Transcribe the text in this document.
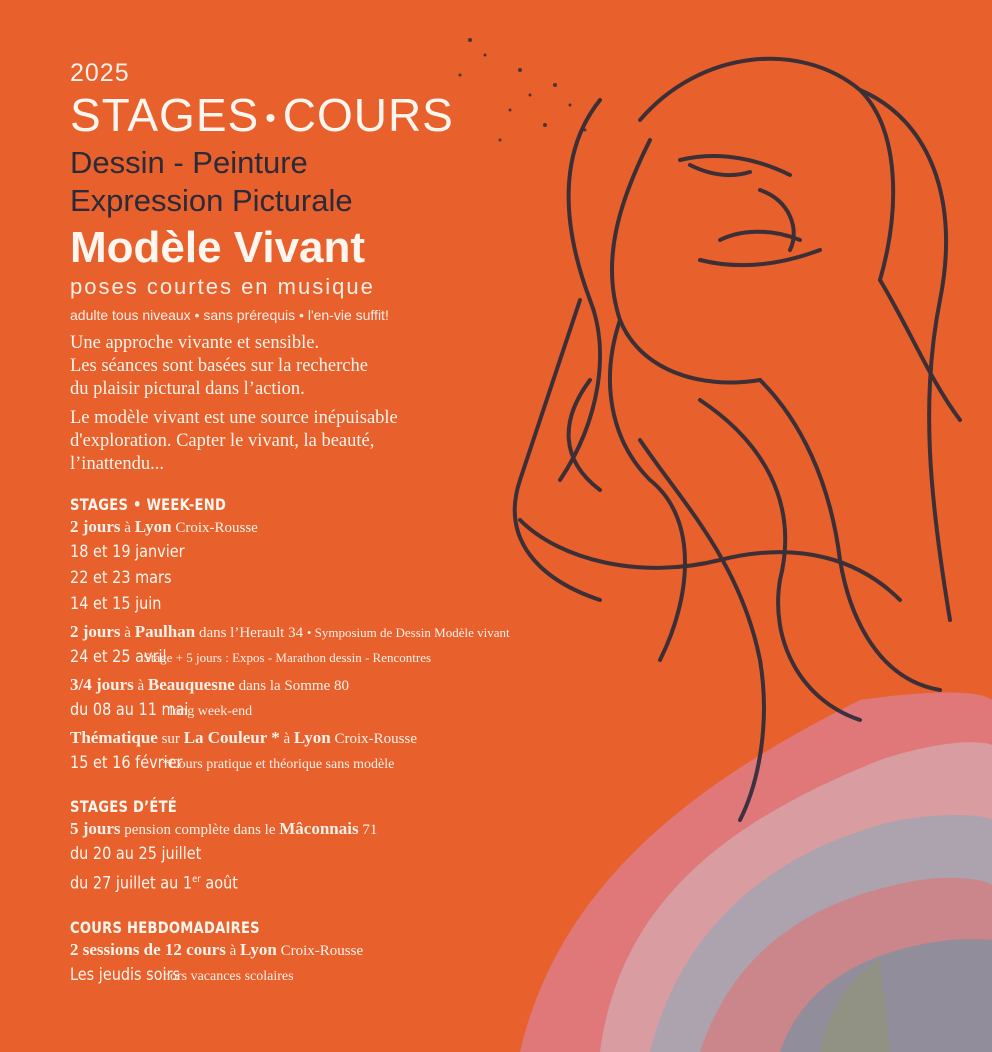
2025
STAGES • COURS
Dessin - Peinture
Expression Picturale
Modèle Vivant
poses courtes en musique
adulte tous niveaux • sans prérequis • l'en-vie suffit!

Une approche vivante et sensible.
Les séances sont basées sur la recherche
du plaisir pictural dans l’action.

Le modèle vivant est une source inépuisable
d'exploration. Capter le vivant, la beauté,
l’inattendu...

STAGES • WEEK-END
2 jours à Lyon Croix-Rousse
18 et 19 janvier
22 et 23 mars
14 et 15 juin
2 jours à Paulhan dans l’Herault 34 • Symposium de Dessin Modèle vivant
24 et 25 avrilStage + 5 jours : Expos - Marathon dessin - Rencontres
3/4 jours à Beauquesne dans la Somme 80
du 08 au 11 mailong week-end
Thématique sur La Couleur * à Lyon Croix-Rousse
15 et 16 février*Cours pratique et théorique sans modèle
STAGES D’ÉTÉ
5 jours pension complète dans le Mâconnais 71
du 20 au 25 juillet
du 27 juillet au 1er août
COURS HEBDOMADAIRES
2 sessions de 12 cours à Lyon Croix-Rousse
Les jeudis soirs hors vacances scolaires
